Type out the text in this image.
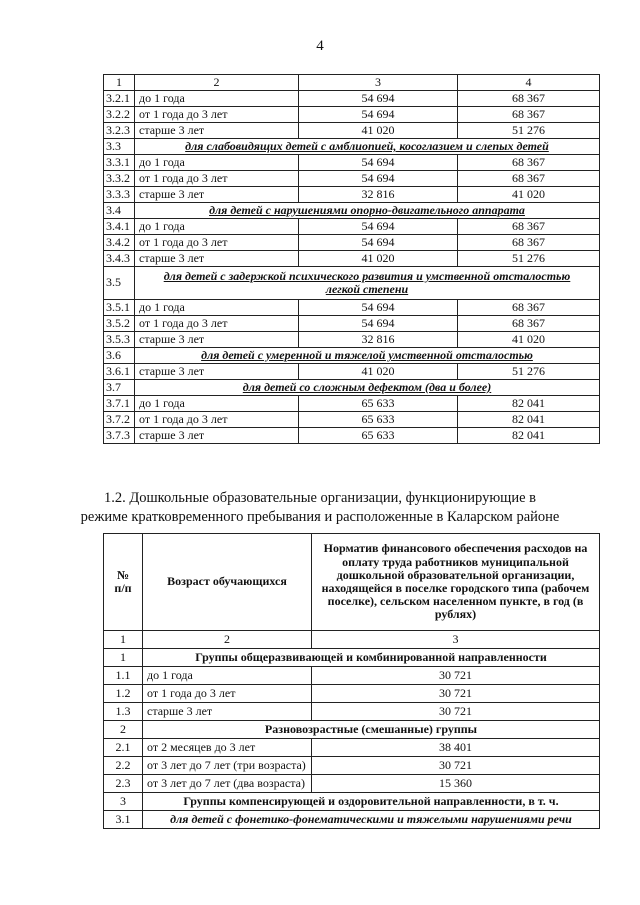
4
1	2	3	4
3.2.1	до 1 года	54 694	68 367
3.2.2	от 1 года до 3 лет	54 694	68 367
3.2.3	старше 3 лет	41 020	51 276
3.3	для слабовидящих детей с амблиопией, косоглазием и слепых детей		

3.3.1	до 1 года	54 694	68 367
3.3.2	от 1 года до 3 лет	54 694	68 367
3.3.3	старше 3 лет	32 816	41 020
3.4	для детей с нарушениями опорно-двигательного аппарата		

3.4.1	до 1 года	54 694	68 367
3.4.2	от 1 года до 3 лет	54 694	68 367
3.4.3	старше 3 лет	41 020	51 276
3.5	для детей с задержкой психического развития и умственной отсталостью
легкой степени		

3.5.1	до 1 года	54 694	68 367
3.5.2	от 1 года до 3 лет	54 694	68 367
3.5.3	старше 3 лет	32 816	41 020
3.6	для детей с умеренной и тяжелой умственной отсталостью		

3.6.1	старше 3 лет	41 020	51 276
3.7	для детей со сложным дефектом (два и более)		

3.7.1	до 1 года	65 633	82 041
3.7.2	от 1 года до 3 лет	65 633	82 041
3.7.3	старше 3 лет	65 633	82 041
1.2. Дошкольные образовательные организации, функционирующие в
режиме кратковременного пребывания и расположенные в Каларском районе
№
п/п	Возраст обучающихся	Норматив финансового обеспечения расходов на оплату труда работников муниципальной дошкольной образовательной организации, находящейся в поселке городского типа (рабочем поселке), сельском населенном пункте, в год (в рублях)
1	2	3
1	Группы общеразвивающей и комбинированной направленности	
1.1	до 1 года	30 721
1.2	от 1 года до 3 лет	30 721
1.3	старше 3 лет	30 721
2	Разновозрастные (смешанные) группы	
2.1	от 2 месяцев до 3 лет	38 401
2.2	от 3 лет до 7 лет (три возраста)	30 721
2.3	от 3 лет до 7 лет (два возраста)	15 360
3	Группы компенсирующей и оздоровительной направленности, в т. ч.	
3.1	для детей с фонетико-фонематическими и тяжелыми нарушениями речи	
